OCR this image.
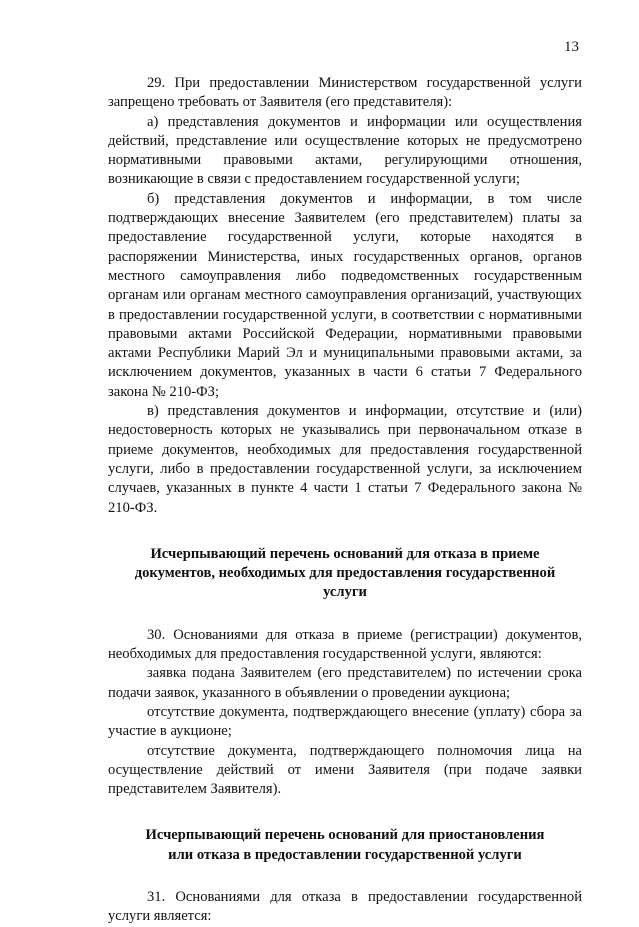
13

29. При предоставлении Министерством государственной услуги запрещено требовать от Заявителя (его представителя):

а) представления документов и информации или осуществления действий, представление или осуществление которых не предусмотрено нормативными правовыми актами, регулирующими отношения, возникающие в связи с предоставлением государственной услуги;

б) представления документов и информации, в том числе подтверждающих внесение Заявителем (его представителем) платы за предоставление государственной услуги, которые находятся в распоряжении Министерства, иных государственных органов, органов местного самоуправления либо подведомственных государственным органам или органам местного самоуправления организаций, участвующих в предоставлении государственной услуги, в соответствии с нормативными правовыми актами Российской Федерации, нормативными правовыми актами Республики Марий Эл и муниципальными правовыми актами, за исключением документов, указанных в части 6 статьи 7 Федерального закона № 210-ФЗ;

в) представления документов и информации, отсутствие и (или) недостоверность которых не указывались при первоначальном отказе в приеме документов, необходимых для предоставления государственной услуги, либо в предоставлении государственной услуги, за исключением случаев, указанных в пункте 4 части 1 статьи 7 Федерального закона № 210-ФЗ.

Исчерпывающий перечень оснований для отказа в приеме документов, необходимых для предоставления государственной услуги

30. Основаниями для отказа в приеме (регистрации) документов, необходимых для предоставления государственной услуги, являются:

заявка подана Заявителем (его представителем) по истечении срока подачи заявок, указанного в объявлении о проведении аукциона;

отсутствие документа, подтверждающего внесение (уплату) сбора за участие в аукционе;

отсутствие документа, подтверждающего полномочия лица на осуществление действий от имени Заявителя (при подаче заявки представителем Заявителя).

Исчерпывающий перечень оснований для приостановления или отказа в предоставлении государственной услуги

31. Основаниями для отказа в предоставлении государственной услуги является:
